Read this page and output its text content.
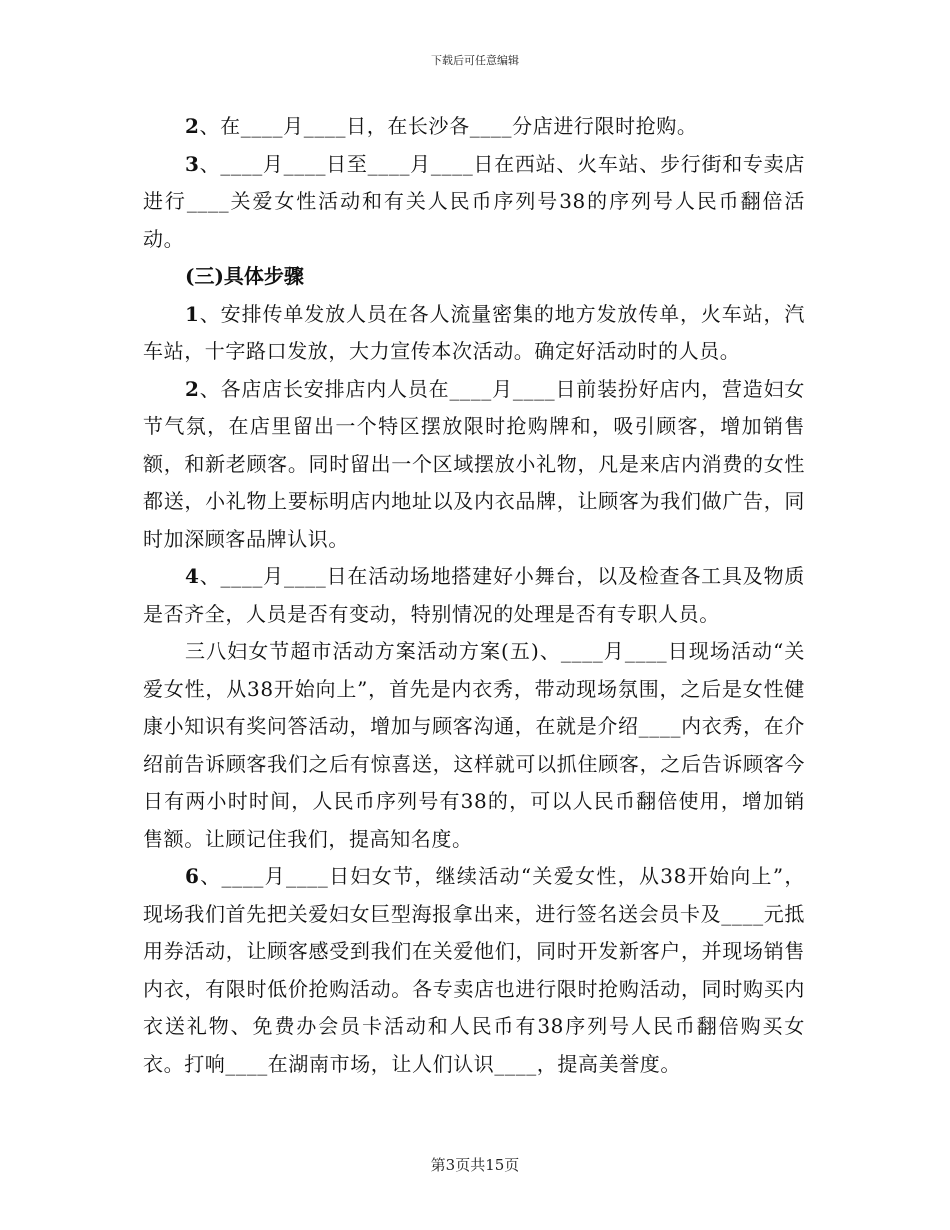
下载后可任意编辑

2、在____月____日，在长沙各____分店进行限时抢购。

3、____月____日至____月____日在西站、火车站、步行街和专卖店进行____关爱女性活动和有关人民币序列号38的序列号人民币翻倍活动。

(三)具体步骤

1、安排传单发放人员在各人流量密集的地方发放传单，火车站，汽车站，十字路口发放，大力宣传本次活动。确定好活动时的人员。

2、各店店长安排店内人员在____月____日前装扮好店内，营造妇女节气氛，在店里留出一个特区摆放限时抢购牌和，吸引顾客，增加销售额，和新老顾客。同时留出一个区域摆放小礼物，凡是来店内消费的女性都送，小礼物上要标明店内地址以及内衣品牌，让顾客为我们做广告，同时加深顾客品牌认识。

4、____月____日在活动场地搭建好小舞台，以及检查各工具及物质是否齐全，人员是否有变动，特别情况的处理是否有专职人员。

三八妇女节超市活动方案活动方案(五)、____月____日现场活动“关爱女性，从38开始向上”，首先是内衣秀，带动现场氛围，之后是女性健康小知识有奖问答活动，增加与顾客沟通，在就是介绍____内衣秀，在介绍前告诉顾客我们之后有惊喜送，这样就可以抓住顾客，之后告诉顾客今日有两小时时间，人民币序列号有38的，可以人民币翻倍使用，增加销售额。让顾记住我们，提高知名度。

6、____月____日妇女节，继续活动“关爱女性，从38开始向上”，现场我们首先把关爱妇女巨型海报拿出来，进行签名送会员卡及____元抵用券活动，让顾客感受到我们在关爱他们，同时开发新客户，并现场销售内衣，有限时低价抢购活动。各专卖店也进行限时抢购活动，同时购买内衣送礼物、免费办会员卡活动和人民币有38序列号人民币翻倍购买女衣。打响____在湖南市场，让人们认识____，提高美誉度。

第3页共15页
